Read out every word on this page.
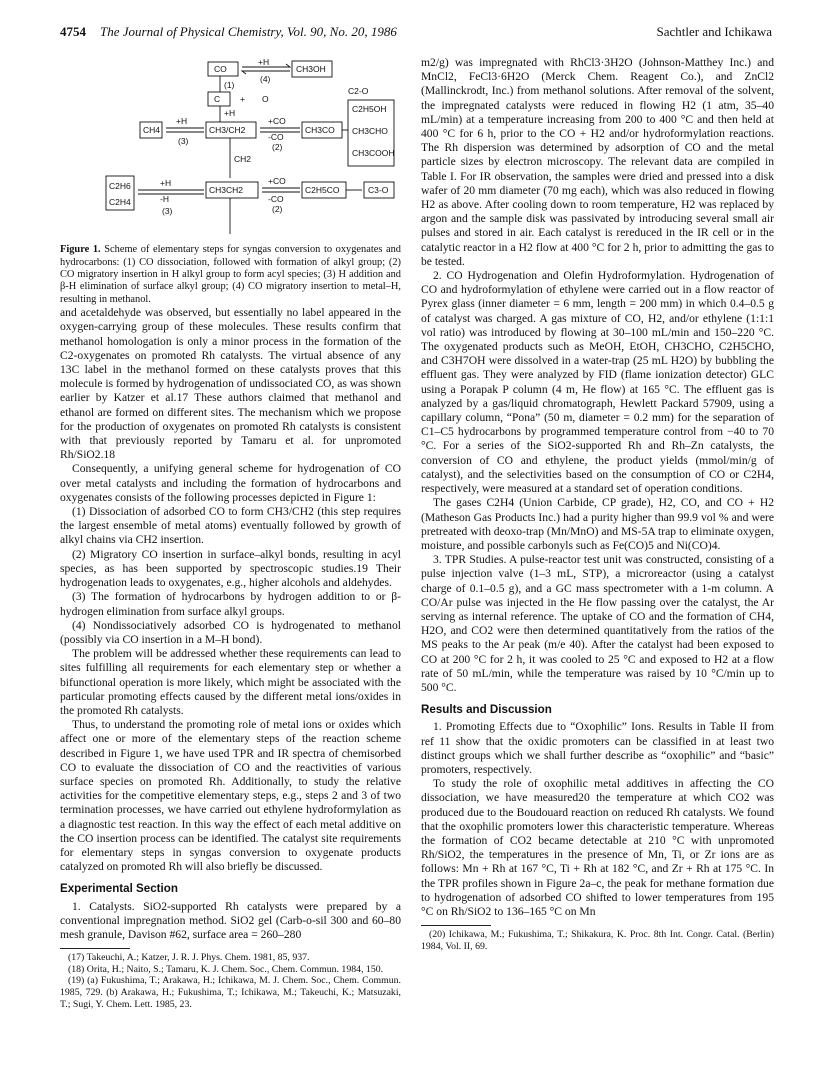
4754 The Journal of Physical Chemistry, Vol. 90, No. 20, 1986	Sachtler and Ichikawa
CO
+H
(4)
CH3OH
(1)
C + O
+H
C2-O
CH4
+H
(3)
CH3/CH2
+CO
-CO
(2)
CH3CO
C2H5OH
CH3CHO
CH3COOH
CH2
C2H6
C2H4
+H
-H
(3)
CH3CH2
+CO
-CO
(2)
C2H5CO	C3-O

Figure 1. Scheme of elementary steps for syngas conversion to oxygenates and hydrocarbons: (1) CO dissociation, followed with formation of alkyl group; (2) CO migratory insertion in H alkyl group to form acyl species; (3) H addition and β-H elimination of surface alkyl group; (4) CO migratory insertion to metal–H, resulting in methanol.

and acetaldehyde was observed, but essentially no label appeared in the oxygen-carrying group of these molecules. These results confirm that methanol homologation is only a minor process in the formation of the C2-oxygenates on promoted Rh catalysts. The virtual absence of any 13C label in the methanol formed on these catalysts proves that this molecule is formed by hydrogenation of undissociated CO, as was shown earlier by Katzer et al.17 These authors claimed that methanol and ethanol are formed on different sites. The mechanism which we propose for the production of oxygenates on promoted Rh catalysts is consistent with that previously reported by Tamaru et al. for unpromoted Rh/SiO2.18

Consequently, a unifying general scheme for hydrogenation of CO over metal catalysts and including the formation of hydrocarbons and oxygenates consists of the following processes depicted in Figure 1:

(1) Dissociation of adsorbed CO to form CH3/CH2 (this step requires the largest ensemble of metal atoms) eventually followed by growth of alkyl chains via CH2 insertion.

(2) Migratory CO insertion in surface–alkyl bonds, resulting in acyl species, as has been supported by spectroscopic studies.19 Their hydrogenation leads to oxygenates, e.g., higher alcohols and aldehydes.

(3) The formation of hydrocarbons by hydrogen addition to or β-hydrogen elimination from surface alkyl groups.

(4) Nondissociatively adsorbed CO is hydrogenated to methanol (possibly via CO insertion in a M–H bond).

The problem will be addressed whether these requirements can lead to sites fulfilling all requirements for each elementary step or whether a bifunctional operation is more likely, which might be associated with the particular promoting effects caused by the different metal ions/oxides in the promoted Rh catalysts.

Thus, to understand the promoting role of metal ions or oxides which affect one or more of the elementary steps of the reaction scheme described in Figure 1, we have used TPR and IR spectra of chemisorbed CO to evaluate the dissociation of CO and the reactivities of various surface species on promoted Rh. Additionally, to study the relative activities for the competitive elementary steps, e.g., steps 2 and 3 of two termination processes, we have carried out ethylene hydroformylation as a diagnostic test reaction. In this way the effect of each metal additive on the CO insertion process can be identified. The catalyst site requirements for elementary steps in syngas conversion to oxygenate products catalyzed on promoted Rh will also briefly be discussed.

Experimental Section

1. Catalysts. SiO2-supported Rh catalysts were prepared by a conventional impregnation method. SiO2 gel (Carb-o-sil 300 and 60–80 mesh granule, Davison #62, surface area = 260–280

(17) Takeuchi, A.; Katzer, J. R. J. Phys. Chem. 1981, 85, 937.

(18) Orita, H.; Naito, S.; Tamaru, K. J. Chem. Soc., Chem. Commun. 1984, 150.

(19) (a) Fukushima, T.; Arakawa, H.; Ichikawa, M. J. Chem. Soc., Chem. Commun. 1985, 729. (b) Arakawa, H.; Fukushima, T.; Ichikawa, M.; Takeuchi, K.; Matsuzaki, T.; Sugi, Y. Chem. Lett. 1985, 23.

m2/g) was impregnated with RhCl3·3H2O (Johnson-Matthey Inc.) and MnCl2, FeCl3·6H2O (Merck Chem. Reagent Co.), and ZnCl2 (Mallinckrodt, Inc.) from methanol solutions. After removal of the solvent, the impregnated catalysts were reduced in flowing H2 (1 atm, 35–40 mL/min) at a temperature increasing from 200 to 400 °C and then held at 400 °C for 6 h, prior to the CO + H2 and/or hydroformylation reactions. The Rh dispersion was determined by adsorption of CO and the metal particle sizes by electron microscopy. The relevant data are compiled in Table I. For IR observation, the samples were dried and pressed into a disk wafer of 20 mm diameter (70 mg each), which was also reduced in flowing H2 as above. After cooling down to room temperature, H2 was replaced by argon and the sample disk was passivated by introducing several small air pulses and stored in air. Each catalyst is rereduced in the IR cell or in the catalytic reactor in a H2 flow at 400 °C for 2 h, prior to admitting the gas to be tested.

2. CO Hydrogenation and Olefin Hydroformylation. Hydrogenation of CO and hydroformylation of ethylene were carried out in a flow reactor of Pyrex glass (inner diameter = 6 mm, length = 200 mm) in which 0.4–0.5 g of catalyst was charged. A gas mixture of CO, H2, and/or ethylene (1:1:1 vol ratio) was introduced by flowing at 30–100 mL/min and 150–220 °C. The oxygenated products such as MeOH, EtOH, CH3CHO, C2H5CHO, and C3H7OH were dissolved in a water-trap (25 mL H2O) by bubbling the effluent gas. They were analyzed by FID (flame ionization detector) GLC using a Porapak P column (4 m, He flow) at 165 °C. The effluent gas is analyzed by a gas/liquid chromatograph, Hewlett Packard 57909, using a capillary column, “Pona” (50 m, diameter = 0.2 mm) for the separation of C1–C5 hydrocarbons by programmed temperature control from −40 to 70 °C. For a series of the SiO2-supported Rh and Rh–Zn catalysts, the conversion of CO and ethylene, the product yields (mmol/min/g of catalyst), and the selectivities based on the consumption of CO or C2H4, respectively, were measured at a standard set of operation conditions.

The gases C2H4 (Union Carbide, CP grade), H2, CO, and CO + H2 (Matheson Gas Products Inc.) had a purity higher than 99.9 vol % and were pretreated with deoxo-trap (Mn/MnO) and MS-5A trap to eliminate oxygen, moisture, and possible carbonyls such as Fe(CO)5 and Ni(CO)4.

3. TPR Studies. A pulse-reactor test unit was constructed, consisting of a pulse injection valve (1–3 mL, STP), a microreactor (using a catalyst charge of 0.1–0.5 g), and a GC mass spectrometer with a 1-m column. A CO/Ar pulse was injected in the He flow passing over the catalyst, the Ar serving as internal reference. The uptake of CO and the formation of CH4, H2O, and CO2 were then determined quantitatively from the ratios of the MS peaks to the Ar peak (m/e 40). After the catalyst had been exposed to CO at 200 °C for 2 h, it was cooled to 25 °C and exposed to H2 at a flow rate of 50 mL/min, while the temperature was raised by 10 °C/min up to 500 °C.

Results and Discussion

1. Promoting Effects due to “Oxophilic” Ions. Results in Table II from ref 11 show that the oxidic promoters can be classified in at least two distinct groups which we shall further describe as “oxophilic” and “basic” promoters, respectively.

To study the role of oxophilic metal additives in affecting the CO dissociation, we have measured20 the temperature at which CO2 was produced due to the Boudouard reaction on reduced Rh catalysts. We found that the oxophilic promoters lower this characteristic temperature. Whereas the formation of CO2 became detectable at 210 °C with unpromoted Rh/SiO2, the temperatures in the presence of Mn, Ti, or Zr ions are as follows: Mn + Rh at 167 °C, Ti + Rh at 182 °C, and Zr + Rh at 175 °C. In the TPR profiles shown in Figure 2a–c, the peak for methane formation due to hydrogenation of adsorbed CO shifted to lower temperatures from 195 °C on Rh/SiO2 to 136–165 °C on Mn

(20) Ichikawa, M.; Fukushima, T.; Shikakura, K. Proc. 8th Int. Congr. Catal. (Berlin) 1984, Vol. II, 69.
